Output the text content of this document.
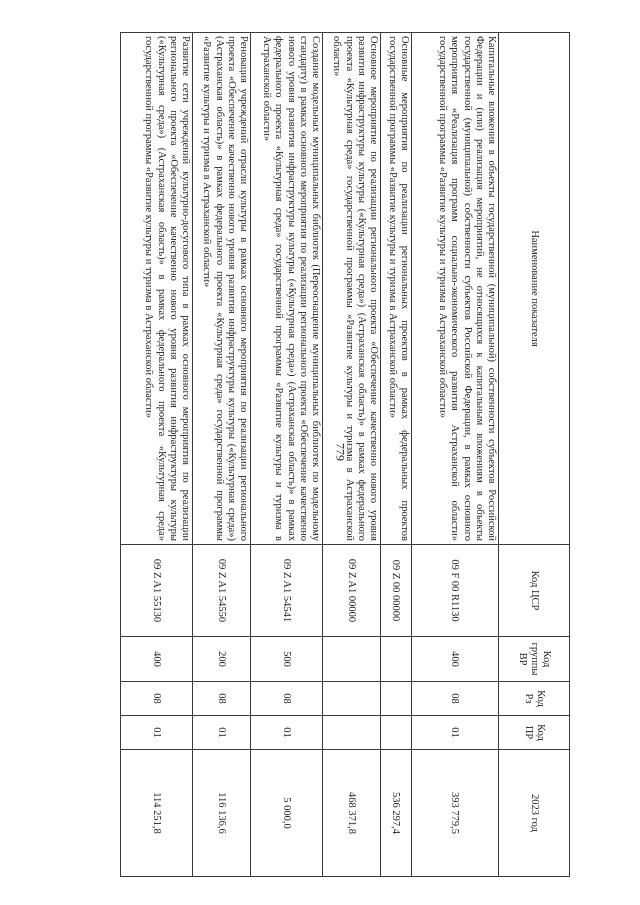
779
Наименование показателя	Код ЦСР	Код группы ВР	Код Рз	Код ПР	2023 год
Капитальные вложения в объекты государственной (муниципальной) собственности субъектов Российской Федерации и (или) реализация мероприятий, не относящихся к капитальным вложениям в объекты государственной (муниципальной) собственности субъектов Российской Федерации, в рамках основного мероприятия «Реализация программ социально-экономического развития Астраханской области» государственной программы «Развитие культуры и туризма в Астраханской области»	09 F 00 R1130	400	08	01	393 779,5
Основные мероприятия по реализации региональных проектов в рамках федеральных проектов государственной программы «Развитие культуры и туризма в Астраханской области»	09 Z 00 00000				536 297,4
Основное мероприятие по реализации регионального проекта «Обеспечение качественно нового уровня развития инфраструктуры культуры («Культурная среда») (Астраханская область)» в рамках федерального проекта «Культурная среда» государственной программы «Развитие культуры и туризма в Астраханской области»	09 Z A1 00000				468 371,8
Создание модельных муниципальных библиотек (Переоснащение муниципальных библиотек по модельному стандарту) в рамках основного мероприятия по реализации регионального проекта «Обеспечение качественно нового уровня развития инфраструктуры культуры («Культурная среда») (Астраханская область)» в рамках федерального проекта «Культурная среда» государственной программы «Развитие культуры и туризма в Астраханской области»	09 Z A1 54541	500	08	01	5 000,0
Реновация учреждений отрасли культуры в рамках основного мероприятия по реализации регионального проекта «Обеспечение качественно нового уровня развития инфраструктуры культуры («Культурная среда») (Астраханская область)» в рамках федерального проекта «Культурная среда» государственной программы «Развитие культуры и туризма в Астраханской области»	09 Z A1 54550	200	08	01	116 136,6
Развитие сети учреждений культурно-досугового типа в рамках основного мероприятия по реализации регионального проекта «Обеспечение качественно нового уровня развития инфраструктуры культуры («Культурная среда») (Астраханская область)» в рамках федерального проекта «Культурная среда» государственной программы «Развитие культуры и туризма в Астраханской области»	09 Z A1 55130	400	08	01	114 251,8
